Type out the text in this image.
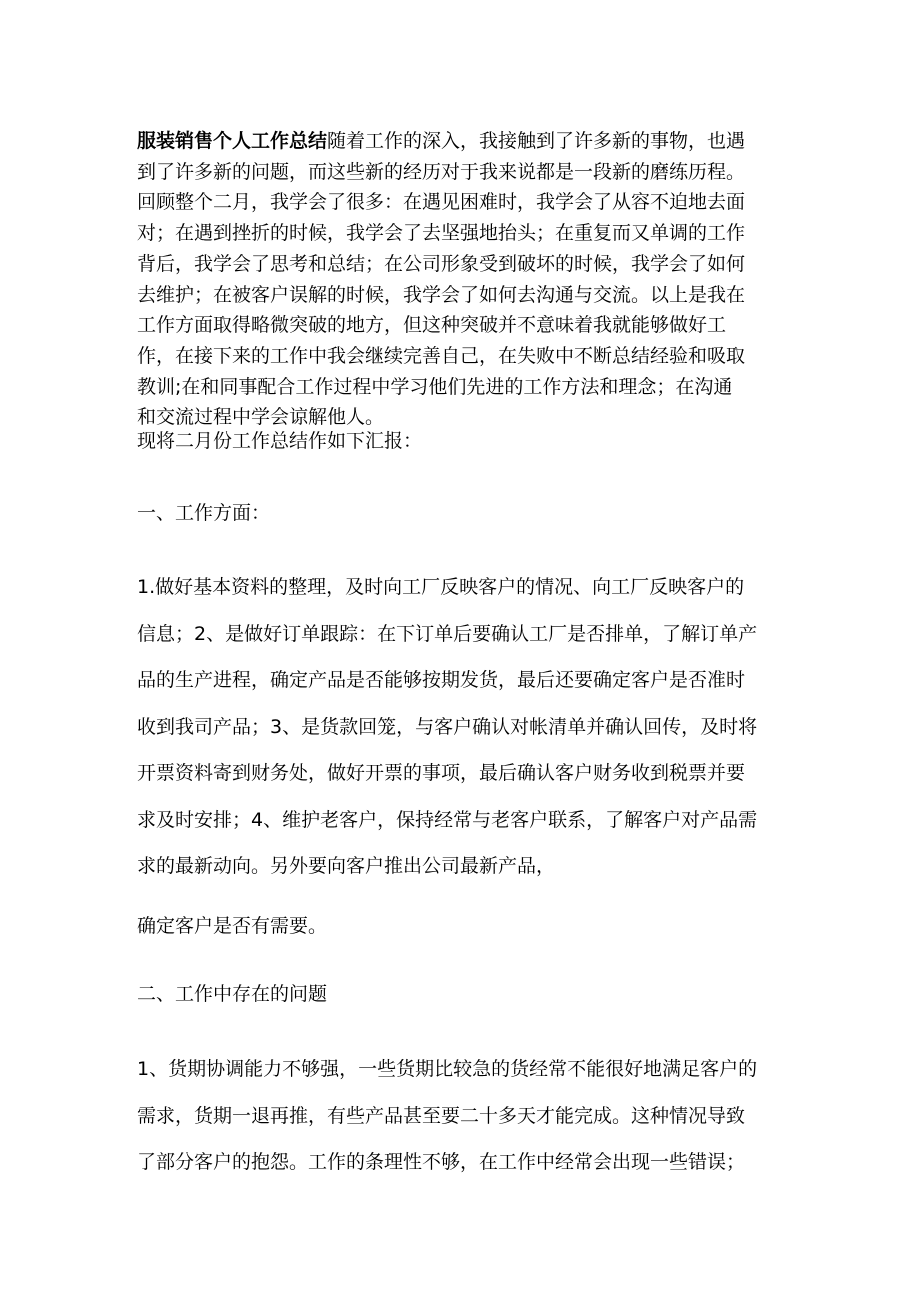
服装销售个人工作总结随着工作的深入，我接触到了许多新的事物，也遇
到了许多新的问题，而这些新的经历对于我来说都是一段新的磨练历程。
回顾整个二月，我学会了很多：在遇见困难时，我学会了从容不迫地去面
对；在遇到挫折的时候，我学会了去坚强地抬头；在重复而又单调的工作
背后，我学会了思考和总结；在公司形象受到破坏的时候，我学会了如何
去维护；在被客户误解的时候，我学会了如何去沟通与交流。以上是我在
工作方面取得略微突破的地方，但这种突破并不意味着我就能够做好工
作，在接下来的工作中我会继续完善自己，在失败中不断总结经验和吸取
教训;在和同事配合工作过程中学习他们先进的工作方法和理念；在沟通
和交流过程中学会谅解他人。
现将二月份工作总结作如下汇报：
一、工作方面：
1.做好基本资料的整理，及时向工厂反映客户的情况、向工厂反映客户的
信息；2、是做好订单跟踪：在下订单后要确认工厂是否排单，了解订单产
品的生产进程，确定产品是否能够按期发货，最后还要确定客户是否准时
收到我司产品；3、是货款回笼，与客户确认对帐清单并确认回传，及时将
开票资料寄到财务处，做好开票的事项，最后确认客户财务收到税票并要
求及时安排；4、维护老客户，保持经常与老客户联系，了解客户对产品需
求的最新动向。另外要向客户推出公司最新产品，
确定客户是否有需要。
二、工作中存在的问题
1、货期协调能力不够强，一些货期比较急的货经常不能很好地满足客户的
需求，货期一退再推，有些产品甚至要二十多天才能完成。这种情况导致
了部分客户的抱怨。工作的条理性不够，在工作中经常会出现一些错误；
